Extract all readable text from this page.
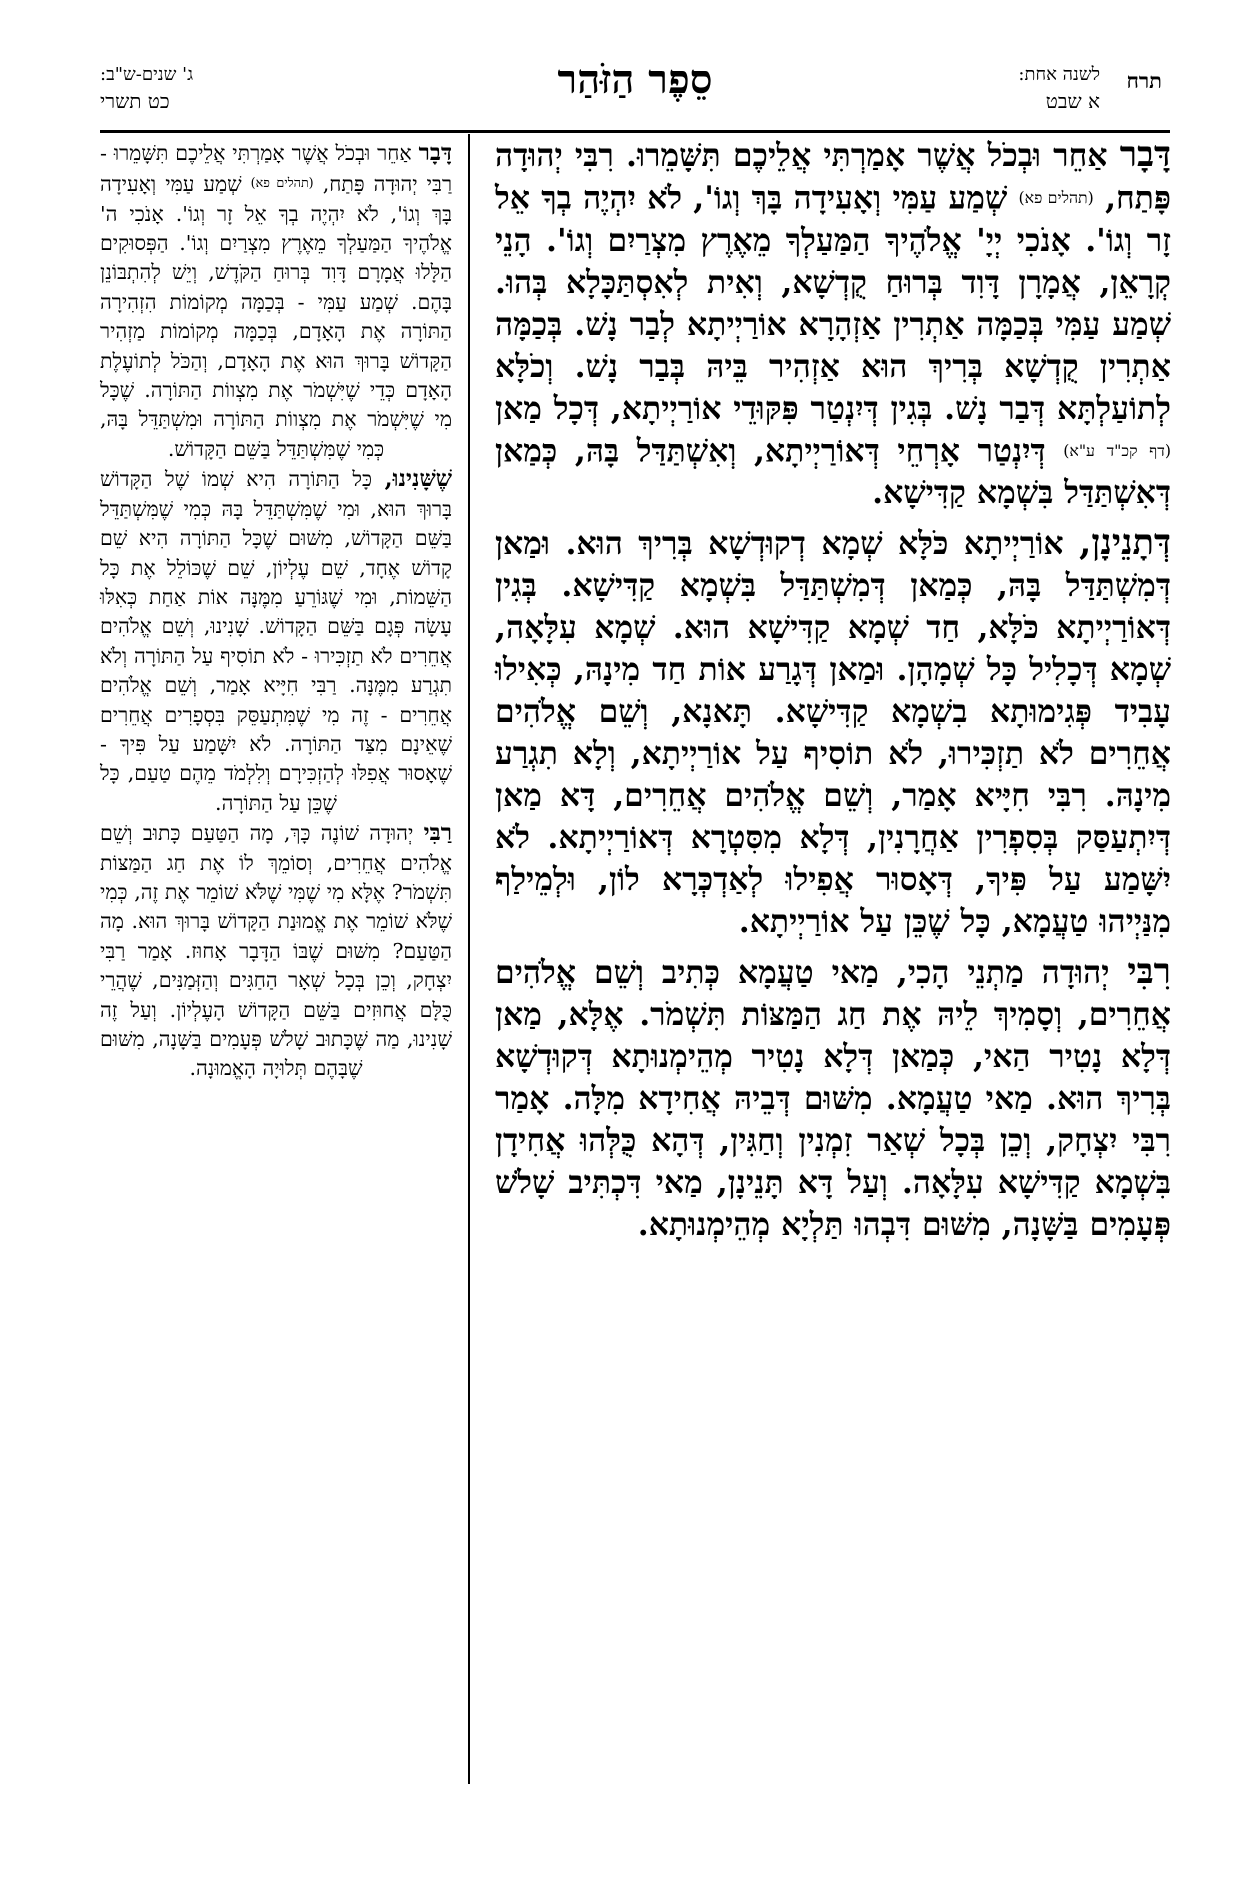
תרח
לשנה אחת:
א שבט
סֵפֶר הַזֹּהַר
ג' שנים-ש"ב:
כט תשרי

דָּבָר אַחֵר וּבְכֹל אֲשֶׁר אָמַרְתִּי אֲלֵיכֶם תִּשָּׁמֵרוּ. רִבִּי יְהוּדָה פָּתַח, (תהלים פא) שְׁמַע עַמִּי וְאָעִידָה בָּךְ וְגוֹ', לֹא יִהְיֶה בְךָ אֵל זָר וְגוֹ'. אָנֹכִי יְיָ' אֱלֹהֶיךָ הַמַּעַלְךָ מֵאֶרֶץ מִצְרַיִם וְגוֹ'. הָנֵי קְרָאֵן, אֲמָרָן דָּוִד בְּרוּחַ קֻדְשָׁא, וְאִית לְאִסְתַּכָּלָא בְּהוּ. שְׁמַע עַמִּי בְּכַמָּה אַתְרִין אַזְהָרָא אוֹרַיְיתָא לְבַר נָשׁ. בְּכַמָּה אַתְרִין קֻדְשָׁא בְּרִיךְ הוּא אַזְהִיר בֵּיהּ בְּבַר נָשׁ. וְכֹלָּא לְתוֹעַלְתָּא דְּבַר נָשׁ. בְּגִין דְּיִנְטַר פִּקּוּדֵי אוֹרַיְיתָא, דְּכָל מַאן (דף קכ"ד ע"א) דְּיִנְטַר אָרְחֵי דְּאוֹרַיְיתָא, וְאִשְׁתַּדַּל בָּהּ, כְּמַאן דְּאִשְׁתַּדַּל בִּשְׁמָא קַדִּישָׁא.

דְּתָנֵינָן, אוֹרַיְיתָא כֹּלָּא שְׁמָא דְקוּדְשָׁא בְּרִיךְ הוּא. וּמַאן דְּמִשְׁתַּדַּל בָּהּ, כְּמַאן דְּמִשְׁתַּדַּל בִּשְׁמָא קַדִּישָׁא. בְּגִין דְּאוֹרַיְיתָא כֹּלָּא, חַד שְׁמָא קַדִּישָׁא הוּא. שְׁמָא עִלָּאָה, שְׁמָא דְּכָלִיל כָּל שְׁמָהָן. וּמַאן דְּגָרַע אוֹת חַד מִינָהּ, כְּאִילוּ עָבִיד פְּגִימוּתָא בִשְׁמָא קַדִּישָׁא. תָּאנָא, וְשֵׁם אֱלֹהִים אֲחֵרִים לֹא תַזְכִּירוּ, לֹא תוֹסִיף עַל אוֹרַיְיתָא, וְלָא תִגְרַע מִינָהּ. רִבִּי חִיָּיא אָמַר, וְשֵׁם אֱלֹהִים אֲחֵרִים, דָּא מַאן דְּיִתְעַסַּק בְּסִפְרִין אַחֲרָנִין, דְּלָא מִסִּטְרָא דְּאוֹרַיְיתָא. לֹא יִשָּׁמַע עַל פִּיךָ, דְּאָסוּר אֲפִילוּ לְאַדְכְּרָא לוֹן, וּלְמֵילַף מִנַּיְיהוּ טַעֲמָא, כָּל שֶׁכֵּן עַל אוֹרַיְיתָא.

רִבִּי יְהוּדָה מַתְנֵי הָכִי, מַאי טַעֲמָא כְּתִיב וְשֵׁם אֱלֹהִים אֲחֵרִים, וְסָמִיךְ לֵיהּ אֶת חַג הַמַּצּוֹת תִּשְׁמֹר. אֶלָּא, מַאן דְּלָא נָטִיר הַאי, כְּמַאן דְּלָא נָטִיר מְהֵימְנוּתָא דְּקוּדְשָׁא בְּרִיךְ הוּא. מַאי טַעֲמָא. מִשּׁוּם דְּבֵיהּ אֲחִידָא מִלָּה. אָמַר רִבִּי יִצְחָק, וְכֵן בְּכָל שְׁאַר זִמְנִין וְחַגִּין, דְּהָא כֻּלְּהוּ אֲחִידָן בִּשְׁמָא קַדִּישָׁא עִלָּאָה. וְעַל דָּא תָּנֵינָן, מַאי דִּכְתִּיב שָׁלֹשׁ פְּעָמִים בַּשָּׁנָה, מִשּׁוּם דִּבְהוּ תַּלְיָא מְהֵימְנוּתָא.

דָּבָר אַחֵר וּבְכֹל אֲשֶׁר אָמַרְתִּי אֲלֵיכֶם תִּשָּׁמֵרוּ - רַבִּי יְהוּדָה פָּתַח, (תהלים פא) שְׁמַע עַמִּי וְאָעִידָה בָּךְ וְגוֹ', לֹא יִהְיֶה בְךָ אֵל זָר וְגוֹ'. אָנֹכִי ה' אֱלֹהֶיךָ הַמַּעַלְךָ מֵאֶרֶץ מִצְרַיִם וְגוֹ'. הַפְּסוּקִים הַלָּלוּ אֲמָרָם דָּוִד בְּרוּחַ הַקֹּדֶשׁ, וְיֵשׁ לְהִתְבּוֹנֵן בָּהֶם. שְׁמַע עַמִּי - בְּכַמָּה מְקוֹמוֹת הִזְהִירָה הַתּוֹרָה אֶת הָאָדָם, בְּכַמָּה מְקוֹמוֹת מַזְהִיר הַקָּדוֹשׁ בָּרוּךְ הוּא אֶת הָאָדָם, וְהַכֹּל לְתוֹעֶלֶת הָאָדָם כְּדֵי שֶׁיִּשְׁמֹר אֶת מִצְווֹת הַתּוֹרָה. שֶׁכָּל מִי שֶׁיִּשְׁמֹר אֶת מִצְווֹת הַתּוֹרָה וּמִשְׁתַּדֵּל בָּהּ, כְּמִי שֶׁמִּשְׁתַּדֵּל בַּשֵּׁם הַקָּדוֹשׁ.

שֶׁשָּׁנִינוּ, כָּל הַתּוֹרָה הִיא שְׁמוֹ שֶׁל הַקָּדוֹשׁ בָּרוּךְ הוּא, וּמִי שֶׁמִּשְׁתַּדֵּל בָּהּ כְּמִי שֶׁמִּשְׁתַּדֵּל בַּשֵּׁם הַקָּדוֹשׁ, מִשּׁוּם שֶׁכָּל הַתּוֹרָה הִיא שֵׁם קָדוֹשׁ אֶחָד, שֵׁם עֶלְיוֹן, שֵׁם שֶׁכּוֹלֵל אֶת כָּל הַשֵּׁמוֹת, וּמִי שֶׁגּוֹרֵעַ מִמֶּנָּה אוֹת אַחַת כְּאִלּוּ עָשָׂה פְּגָם בַּשֵּׁם הַקָּדוֹשׁ. שָׁנִינוּ, וְשֵׁם אֱלֹהִים אֲחֵרִים לֹא תַזְכִּירוּ - לֹא תוֹסִיף עַל הַתּוֹרָה וְלֹא תִגְרַע מִמֶּנָּה. רַבִּי חִיָּיא אָמַר, וְשֵׁם אֱלֹהִים אֲחֵרִים - זֶה מִי שֶׁמִּתְעַסֵּק בִּסְפָרִים אֲחֵרִים שֶׁאֵינָם מִצַּד הַתּוֹרָה. לֹא יִשָּׁמַע עַל פִּיךָ - שֶׁאָסוּר אֲפִלּוּ לְהַזְכִּירָם וְלִלְמֹד מֵהֶם טַעַם, כָּל שֶׁכֵּן עַל הַתּוֹרָה.

רַבִּי יְהוּדָה שׁוֹנֶה כָּךְ, מָה הַטַּעַם כָּתוּב וְשֵׁם אֱלֹהִים אֲחֵרִים, וְסוֹמֵךְ לוֹ אֶת חַג הַמַּצּוֹת תִּשְׁמֹר? אֶלָּא מִי שֶׁמִּי שֶׁלֹּא שׁוֹמֵר אֶת זֶה, כְּמִי שֶׁלֹּא שׁוֹמֵר אֶת אֱמוּנַת הַקָּדוֹשׁ בָּרוּךְ הוּא. מָה הַטַּעַם? מִשּׁוּם שֶׁבּוֹ הַדָּבָר אָחוּז. אָמַר רַבִּי יִצְחָק, וְכֵן בְּכָל שְׁאָר הַחַגִּים וְהַזְּמַנִּים, שֶׁהֲרֵי כֻּלָּם אֲחוּזִים בַּשֵּׁם הַקָּדוֹשׁ הָעֶלְיוֹן. וְעַל זֶה שָׁנִינוּ, מַה שֶּׁכָּתוּב שָׁלֹשׁ פְּעָמִים בַּשָּׁנָה, מִשּׁוּם שֶׁבָּהֶם תְּלוּיָה הָאֱמוּנָה.
